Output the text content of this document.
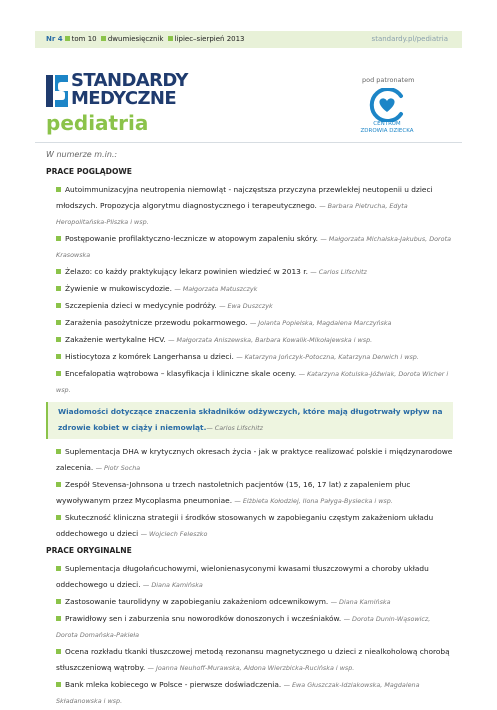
Nr 4 tom 10 dwumiesięcznik lipiec–sierpień 2013	standardy.pl/pediatria
STANDARDY
MEDYCZNE
pediatria
pod patronatem
CENTRUM
ZDROWIA DZIECKA
W numerze m.in.:
PRACE POGLĄDOWE
Autoimmunizacyjna neutropenia niemowląt - najczęstsza przyczyna przewlekłej neutopenii u dzieci młodszych. Propozycja algorytmu diagnostycznego i terapeutycznego. — Barbara Pietrucha, Edyta Heropolitańska-Pliszka i wsp.
Postępowanie profilaktyczno-lecznicze w atopowym zapaleniu skóry. — Małgorzata Michalska-Jakubus, Dorota Krasowska
Żelazo: co każdy praktykujący lekarz powinien wiedzieć w 2013 r. — Carlos Lifschitz
Żywienie w mukowiscydozie. — Małgorzata Matuszczyk
Szczepienia dzieci w medycynie podróży. — Ewa Duszczyk
Zarażenia pasożytnicze przewodu pokarmowego. — Jolanta Popielska, Magdalena Marczyńska
Zakażenie wertykalne HCV. — Małgorzata Aniszewska, Barbara Kowalik-Mikołajewska i wsp.
Histiocytoza z komórek Langerhansa u dzieci. — Katarzyna Jończyk-Potoczna, Katarzyna Derwich i wsp.
Encefalopatia wątrobowa – klasyfikacja i kliniczne skale oceny. — Katarzyna Kotulska-Jóźwiak, Dorota Wicher i wsp.
Wiadomości dotyczące znaczenia składników odżywczych, które mają długotrwały wpływ na zdrowie kobiet w ciąży i niemowląt.— Carlos Lifschitz
Suplementacja DHA w krytycznych okresach życia - jak w praktyce realizować polskie i międzynarodowe zalecenia. — Piotr Socha
Zespół Stevensa-Johnsona u trzech nastoletnich pacjentów (15, 16, 17 lat) z zapaleniem płuc wywoływanym przez Mycoplasma pneumoniae. — Elżbieta Kołodziej, Ilona Pałyga-Bysiecka i wsp.
Skuteczność kliniczna strategii i środków stosowanych w zapobieganiu częstym zakażeniom układu oddechowego u dzieci — Wojciech Feleszko
PRACE ORYGINALNE
Suplementacja długołańcuchowymi, wielonienasyconymi kwasami tłuszczowymi a choroby układu oddechowego u dzieci. — Diana Kamińska
Zastosowanie taurolidyny w zapobieganiu zakażeniom odcewnikowym. — Diana Kamińska
Prawidłowy sen i zaburzenia snu noworodków donoszonych i wcześniaków. — Dorota Dunin-Wąsowicz, Dorota Domańska-Pakieła
Ocena rozkładu tkanki tłuszczowej metodą rezonansu magnetycznego u dzieci z niealkoholową chorobą stłuszczeniową wątroby. — Joanna Neuhoff-Murawska, Aldona Wierzbicka-Rucińska i wsp.
Bank mleka kobiecego w Polsce - pierwsze doświadczenia. — Ewa Głuszczak-Idziakowska, Magdalena Składanowska i wsp.
